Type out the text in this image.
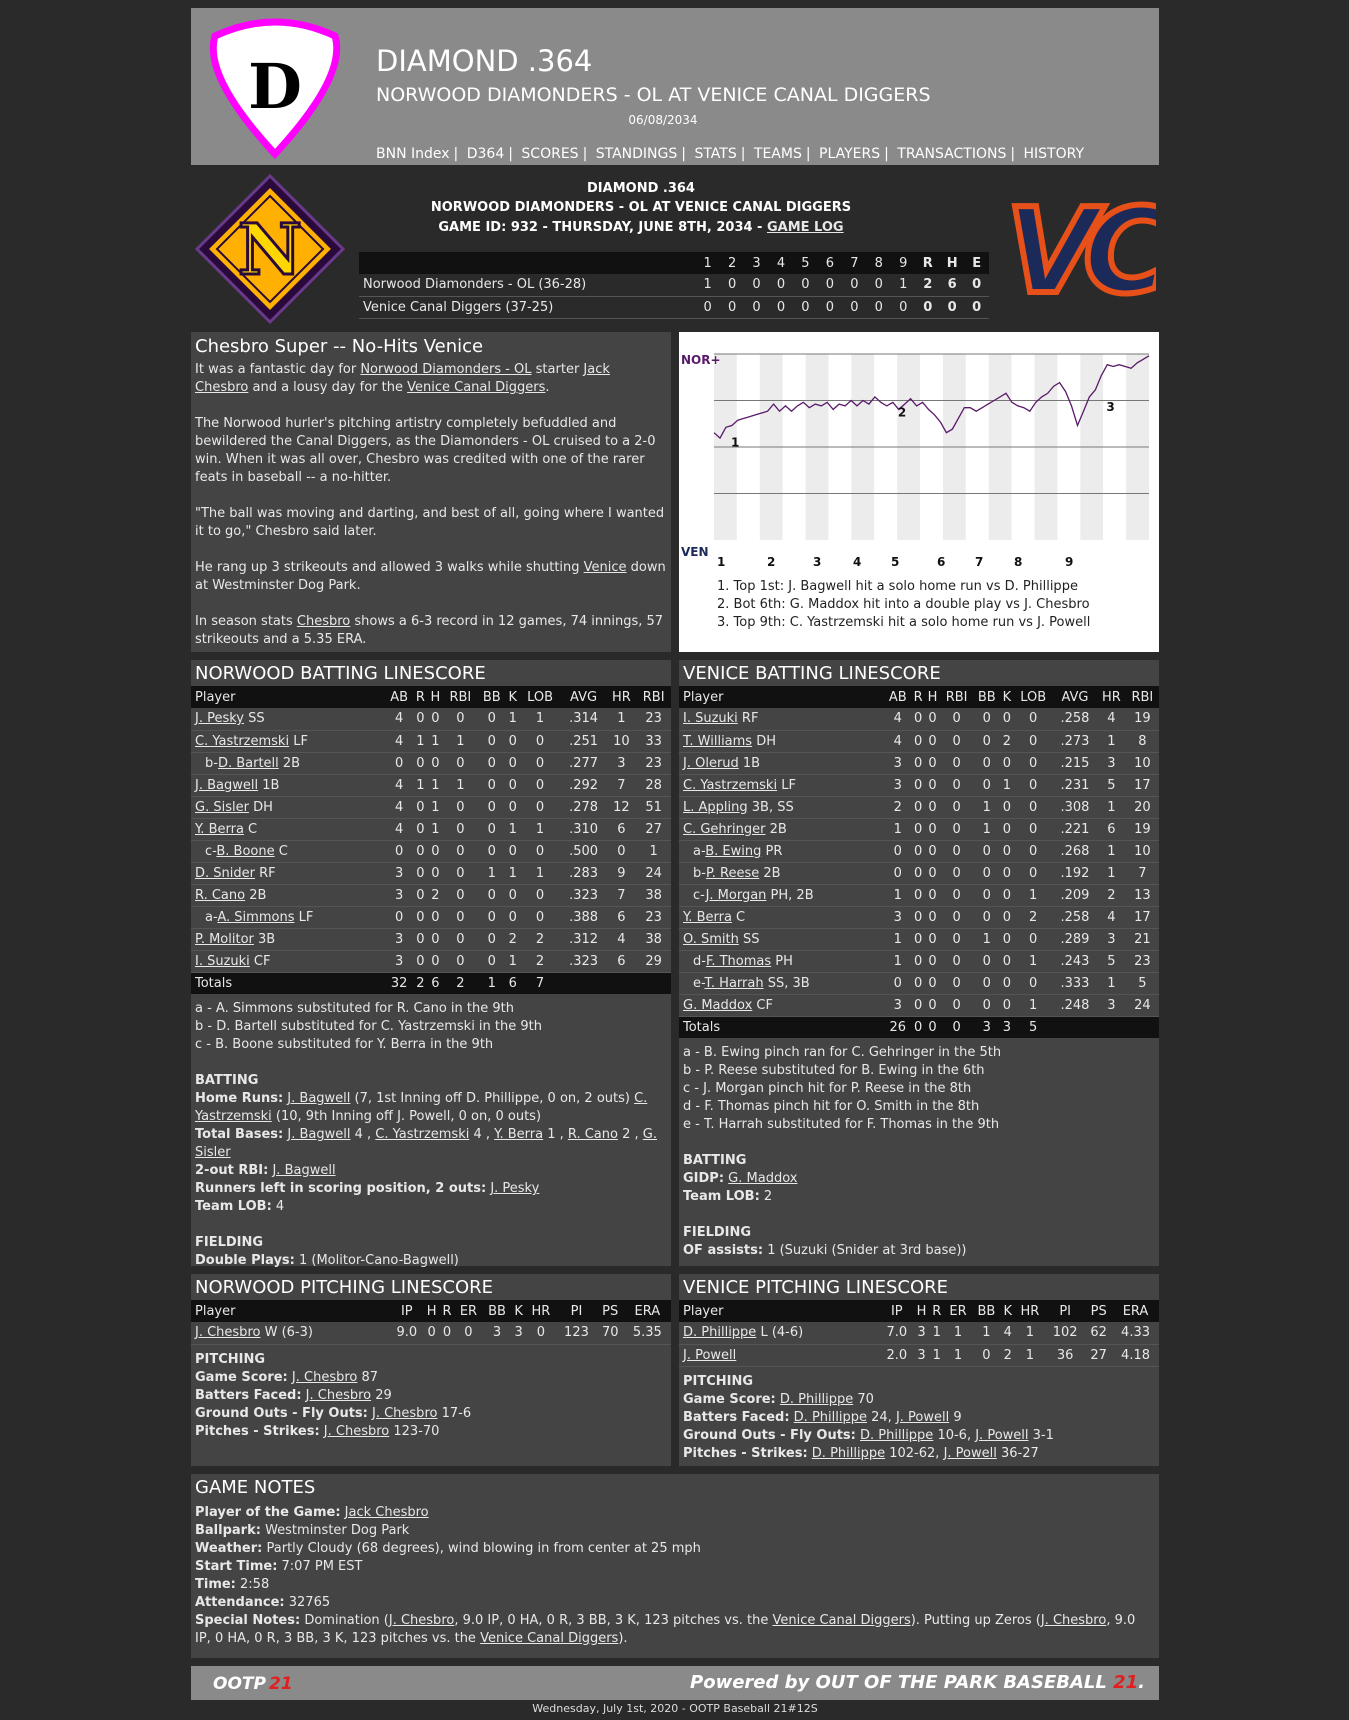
D	DIAMOND .364
NORWOOD DIAMONDERS - OL AT VENICE CANAL DIGGERS
06/08/2034
BNN Index | D364 | SCORES | STANDINGS | STATS | TEAMS | PLAYERS | TRANSACTIONS | HISTORY
N
DIAMOND .364
NORWOOD DIAMONDERS - OL AT VENICE CANAL DIGGERS
GAME ID: 932 - THURSDAY, JUNE 8TH, 2034 - GAME LOG	VC
	1	2	3	4	5	6	7	8	9	R	H	E
Norwood Diamonders - OL (36-28)	1	0	0	0	0	0	0	0	1	2	6	0
Venice Canal Diggers (37-25)	0	0	0	0	0	0	0	0	0	0	0	0
Chesbro Super -- No-Hits Venice

It was a fantastic day for Norwood Diamonders - OL starter Jack Chesbro and a lousy day for the Venice Canal Diggers.

The Norwood hurler's pitching artistry completely befuddled and bewildered the Canal Diggers, as the Diamonders - OL cruised to a 2-0 win. When it was all over, Chesbro was credited with one of the rarer feats in baseball -- a no-hitter.

"The ball was moving and darting, and best of all, going where I wanted it to go," Chesbro said later.

He rang up 3 strikeouts and allowed 3 walks while shutting Venice down at Westminster Dog Park.

In season stats Chesbro shows a 6-3 record in 12 games, 74 innings, 57 strikeouts and a 5.35 ERA.

NOR+
VEN
1
2	3
1	2	3	4 5	6 7	8	9
1. Top 1st: J. Bagwell hit a solo home run vs D. Phillippe
2. Bot 6th: G. Maddox hit into a double play vs J. Chesbro
3. Top 9th: C. Yastrzemski hit a solo home run vs J. Powell
NORWOOD BATTING LINESCORE
Player	AB	R	H	RBI	BB	K	LOB	AVG	HR	RBI
J. Pesky SS	4	0	0	0	0	1	1	.314	1	23
C. Yastrzemski LF	4	1	1	1	0	0	0	.251	10	33
b-D. Bartell 2B	0	0	0	0	0	0	0	.277	3	23
J. Bagwell 1B	4	1	1	1	0	0	0	.292	7	28
G. Sisler DH	4	0	1	0	0	0	0	.278	12	51
Y. Berra C	4	0	1	0	0	1	1	.310	6	27
c-B. Boone C	0	0	0	0	0	0	0	.500	0	1
D. Snider RF	3	0	0	0	1	1	1	.283	9	24
R. Cano 2B	3	0	2	0	0	0	0	.323	7	38
a-A. Simmons LF	0	0	0	0	0	0	0	.388	6	23
P. Molitor 3B	3	0	0	0	0	2	2	.312	4	38
I. Suzuki CF	3	0	0	0	0	1	2	.323	6	29
Totals	32	2	6	2	1	6	7			
a - A. Simmons substituted for R. Cano in the 9th
b - D. Bartell substituted for C. Yastrzemski in the 9th
c - B. Boone substituted for Y. Berra in the 9th
BATTING
Home Runs: J. Bagwell (7, 1st Inning off D. Phillippe, 0 on, 2 outs) C. Yastrzemski (10, 9th Inning off J. Powell, 0 on, 0 outs)
Total Bases: J. Bagwell 4 , C. Yastrzemski 4 , Y. Berra 1 , R. Cano 2 , G. Sisler
2-out RBI: J. Bagwell
Runners left in scoring position, 2 outs: J. Pesky
Team LOB: 4
FIELDING
Double Plays: 1 (Molitor-Cano-Bagwell)
VENICE BATTING LINESCORE
Player	AB	R	H	RBI	BB	K	LOB	AVG	HR	RBI
I. Suzuki RF	4	0	0	0	0	0	0	.258	4	19
T. Williams DH	4	0	0	0	0	2	0	.273	1	8
J. Olerud 1B	3	0	0	0	0	0	0	.215	3	10
C. Yastrzemski LF	3	0	0	0	0	1	0	.231	5	17
L. Appling 3B, SS	2	0	0	0	1	0	0	.308	1	20
C. Gehringer 2B	1	0	0	0	1	0	0	.221	6	19
a-B. Ewing PR	0	0	0	0	0	0	0	.268	1	10
b-P. Reese 2B	0	0	0	0	0	0	0	.192	1	7
c-J. Morgan PH, 2B	1	0	0	0	0	0	1	.209	2	13
Y. Berra C	3	0	0	0	0	0	2	.258	4	17
O. Smith SS	1	0	0	0	1	0	0	.289	3	21
d-F. Thomas PH	1	0	0	0	0	0	1	.243	5	23
e-T. Harrah SS, 3B	0	0	0	0	0	0	0	.333	1	5
G. Maddox CF	3	0	0	0	0	0	1	.248	3	24
Totals	26	0	0	0	3	3	5			
a - B. Ewing pinch ran for C. Gehringer in the 5th
b - P. Reese substituted for B. Ewing in the 6th
c - J. Morgan pinch hit for P. Reese in the 8th
d - F. Thomas pinch hit for O. Smith in the 8th
e - T. Harrah substituted for F. Thomas in the 9th
BATTING
GIDP: G. Maddox
Team LOB: 2
FIELDING
OF assists: 1 (Suzuki (Snider at 3rd base))
NORWOOD PITCHING LINESCORE
Player	IP	H	R	ER	BB	K	HR	PI	PS	ERA
J. Chesbro W (6-3)	9.0	0	0	0	3	3	0	123	70	5.35
PITCHING
Game Score: J. Chesbro 87
Batters Faced: J. Chesbro 29
Ground Outs - Fly Outs: J. Chesbro 17-6
Pitches - Strikes: J. Chesbro 123-70
VENICE PITCHING LINESCORE
Player	IP	H	R	ER	BB	K	HR	PI	PS	ERA
D. Phillippe L (4-6)	7.0	3	1	1	1	4	1	102	62	4.33
J. Powell	2.0	3	1	1	0	2	1	36	27	4.18
PITCHING
Game Score: D. Phillippe 70
Batters Faced: D. Phillippe 24, J. Powell 9
Ground Outs - Fly Outs: D. Phillippe 10-6, J. Powell 3-1
Pitches - Strikes: D. Phillippe 102-62, J. Powell 36-27
GAME NOTES
Player of the Game: Jack Chesbro
Ballpark: Westminster Dog Park
Weather: Partly Cloudy (68 degrees), wind blowing in from center at 25 mph
Start Time: 7:07 PM EST
Time: 2:58
Attendance: 32765
Special Notes: Domination (J. Chesbro, 9.0 IP, 0 HA, 0 R, 3 BB, 3 K, 123 pitches vs. the Venice Canal Diggers). Putting up Zeros (J. Chesbro, 9.0 IP, 0 HA, 0 R, 3 BB, 3 K, 123 pitches vs. the Venice Canal Diggers).
OOTP 21	Powered by OUT OF THE PARK BASEBALL 21.
Wednesday, July 1st, 2020 - OOTP Baseball 21#12S
